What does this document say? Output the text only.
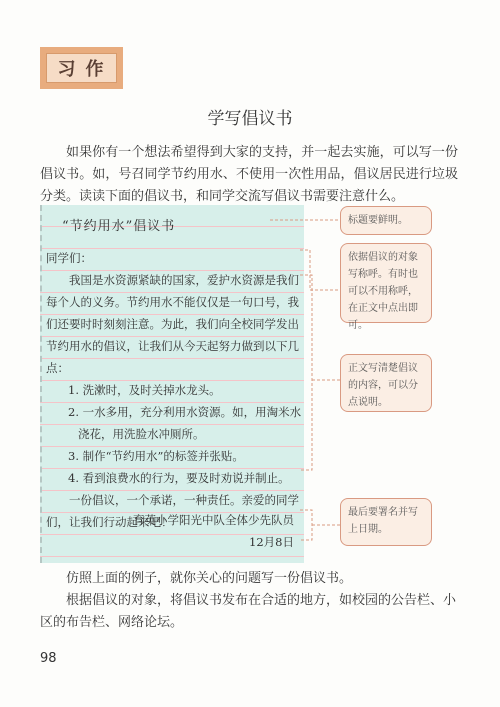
习作
学写倡议书
如果你有一个想法希望得到大家的支持，并一起去实施，可以写一份倡议书。如，号召同学节约用水、不使用一次性用品，倡议居民进行垃圾分类。读读下面的倡议书，和同学交流写倡议书需要注意什么。
“节约用水”倡议书

同学们：

我国是水资源紧缺的国家，爱护水资源是我们每个人的义务。节约用水不能仅仅是一句口号，我们还要时时刻刻注意。为此，我们向全校同学发出节约用水的倡议，让我们从今天起努力做到以下几点：

1. 洗漱时，及时关掉水龙头。

2. 一水多用，充分利用水资源。如，用淘米水浇花，用洗脸水冲厕所。

3. 制作“节约用水”的标签并张贴。

4. 看到浪费水的行为，要及时劝说并制止。

一份倡议，一个承诺，一种责任。亲爱的同学们，让我们行动起来吧！

育英小学阳光中队全体少先队员
12月8日
标题要鲜明。
依据倡议的对象写称呼。有时也可以不用称呼，在正文中点出即可。
正文写清楚倡议的内容，可以分点说明。
最后要署名并写上日期。

仿照上面的例子，就你关心的问题写一份倡议书。

根据倡议的对象，将倡议书发布在合适的地方，如校园的公告栏、小区的布告栏、网络论坛。

98
